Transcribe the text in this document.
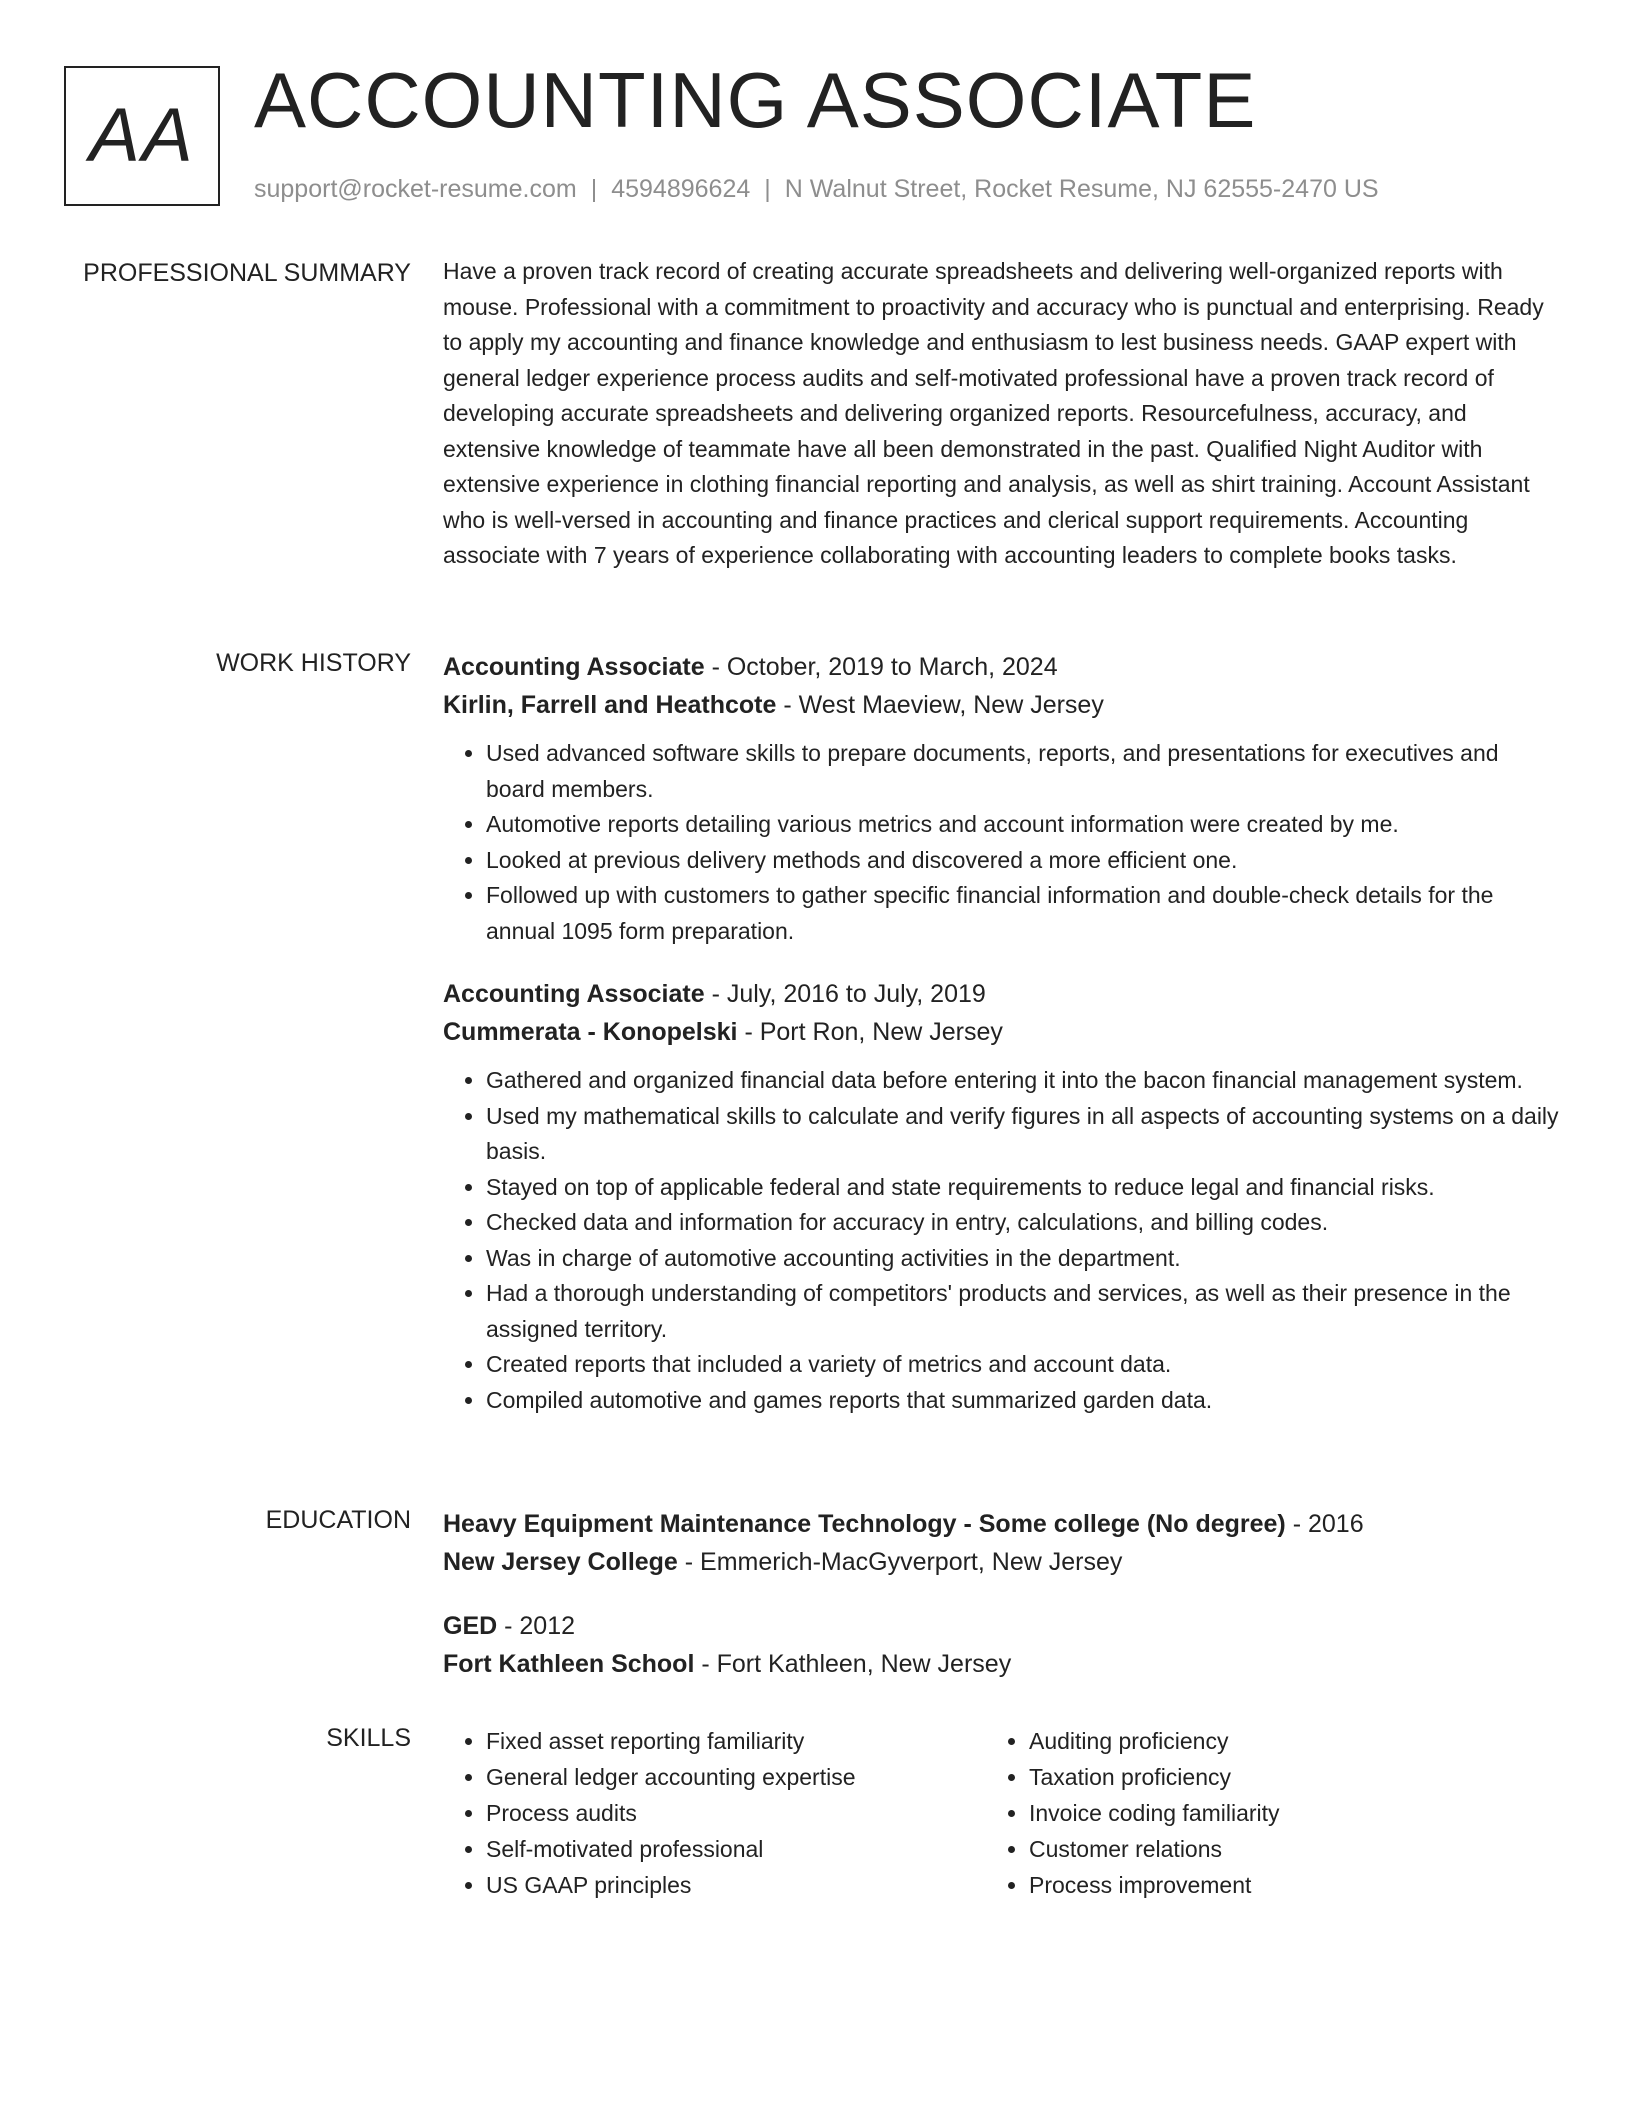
AA ACCOUNTING ASSOCIATE
support@rocket-resume.com | 4594896624 | N Walnut Street, Rocket Resume, NJ 62555-2470 US
PROFESSIONAL SUMMARY Have a proven track record of creating accurate spreadsheets and delivering well-organized reports with mouse. Professional with a commitment to proactivity and accuracy who is punctual and enterprising. Ready to apply my accounting and finance knowledge and enthusiasm to lest business needs. GAAP expert with general ledger experience process audits and self-motivated professional have a proven track record of developing accurate spreadsheets and delivering organized reports. Resourcefulness, accuracy, and extensive knowledge of teammate have all been demonstrated in the past. Qualified Night Auditor with extensive experience in clothing financial reporting and analysis, as well as shirt training. Account Assistant who is well-versed in accounting and finance practices and clerical support requirements. Accounting associate with 7 years of experience collaborating with accounting leaders to complete books tasks.

WORK HISTORY Accounting Associate - October, 2019 to March, 2024
Kirlin, Farrell and Heathcote - West Maeview, New Jersey
• Used advanced software skills to prepare documents, reports, and presentations for executives and board members.
• Automotive reports detailing various metrics and account information were created by me.
• Looked at previous delivery methods and discovered a more efficient one.
• Followed up with customers to gather specific financial information and double-check details for the annual 1095 form preparation.
Accounting Associate - July, 2016 to July, 2019
Cummerata - Konopelski - Port Ron, New Jersey
• Gathered and organized financial data before entering it into the bacon financial management system.
• Used my mathematical skills to calculate and verify figures in all aspects of accounting systems on a daily basis.
• Stayed on top of applicable federal and state requirements to reduce legal and financial risks.
• Checked data and information for accuracy in entry, calculations, and billing codes.
• Was in charge of automotive accounting activities in the department.
• Had a thorough understanding of competitors' products and services, as well as their presence in the assigned territory.
• Created reports that included a variety of metrics and account data.
• Compiled automotive and games reports that summarized garden data.
EDUCATION Heavy Equipment Maintenance Technology - Some college (No degree) - 2016
New Jersey College - Emmerich-MacGyverport, New Jersey
GED - 2012
Fort Kathleen School - Fort Kathleen, New Jersey
SKILLS
•	Fixed asset reporting familiarity
• General ledger accounting expertise
• Process audits
• Self-motivated professional
• US GAAP principles
• Auditing proficiency
• Taxation proficiency
• Invoice coding familiarity
• Customer relations
• Process improvement
